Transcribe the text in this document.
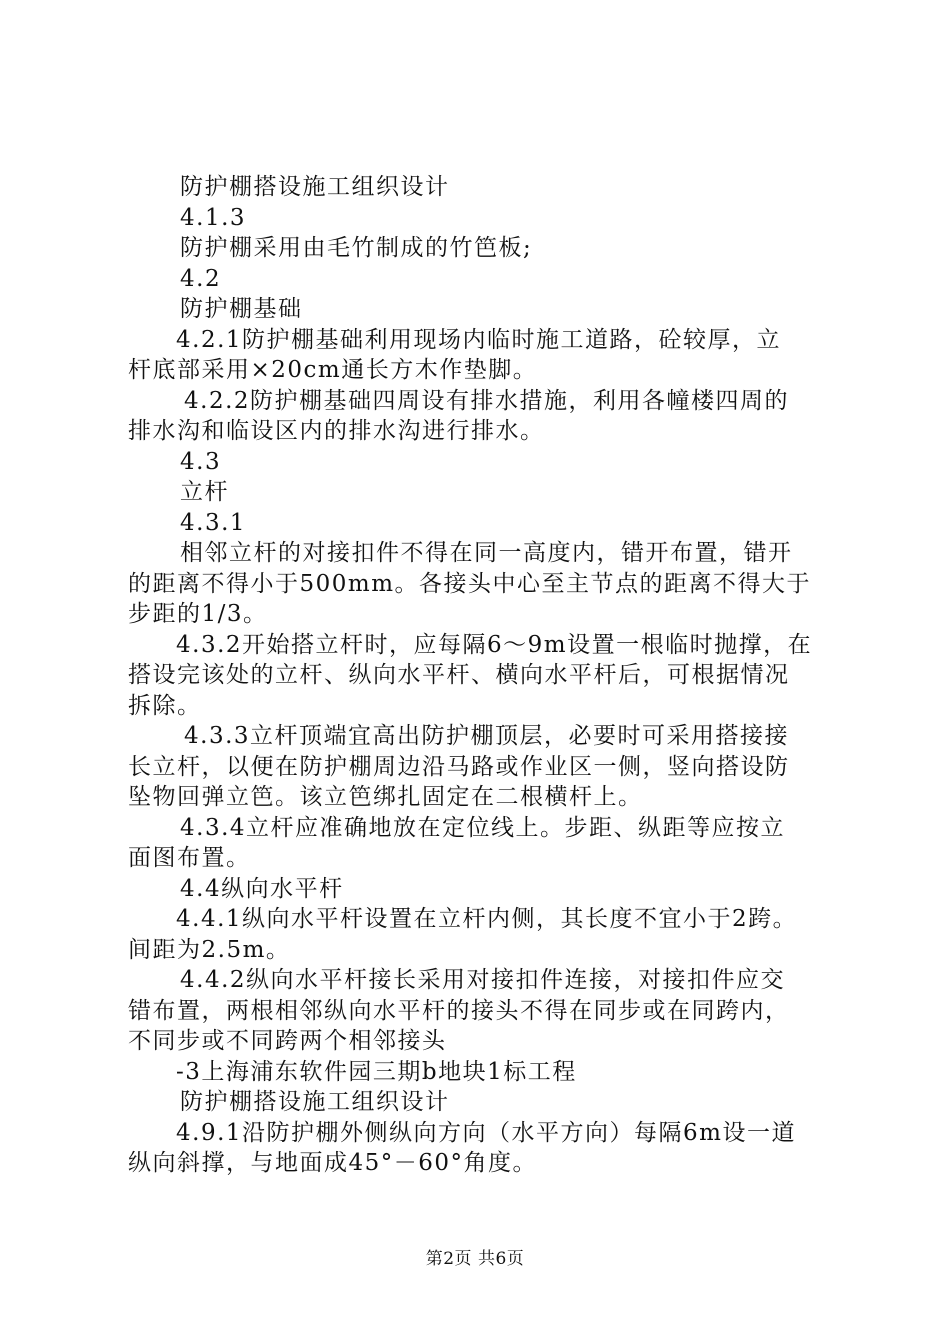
防护棚搭设施工组织设计

4.1.3

防护棚采用由毛竹制成的竹笆板;

4.2

防护棚基础

4.2.1防护棚基础利用现场内临时施工道路，砼较厚，立

杆底部采用×20cm通长方木作垫脚。

4.2.2防护棚基础四周设有排水措施，利用各幢楼四周的

排水沟和临设区内的排水沟进行排水。

4.3

立杆

4.3.1

相邻立杆的对接扣件不得在同一高度内，错开布置，错开

的距离不得小于500mm。各接头中心至主节点的距离不得大于

步距的1/3。

4.3.2开始搭立杆时，应每隔6～9m设置一根临时抛撑，在

搭设完该处的立杆、纵向水平杆、横向水平杆后，可根据情况

拆除。

4.3.3立杆顶端宜高出防护棚顶层，必要时可采用搭接接

长立杆，以便在防护棚周边沿马路或作业区一侧，竖向搭设防

坠物回弹立笆。该立笆绑扎固定在二根横杆上。

4.3.4立杆应准确地放在定位线上。步距、纵距等应按立

面图布置。

4.4纵向水平杆

4.4.1纵向水平杆设置在立杆内侧，其长度不宜小于2跨。

间距为2.5m。

4.4.2纵向水平杆接长采用对接扣件连接，对接扣件应交

错布置，两根相邻纵向水平杆的接头不得在同步或在同跨内，

不同步或不同跨两个相邻接头

-3上海浦东软件园三期b地块1标工程

防护棚搭设施工组织设计

4.9.1沿防护棚外侧纵向方向（水平方向）每隔6m设一道

纵向斜撑，与地面成45°－60°角度。

第2页 共6页
